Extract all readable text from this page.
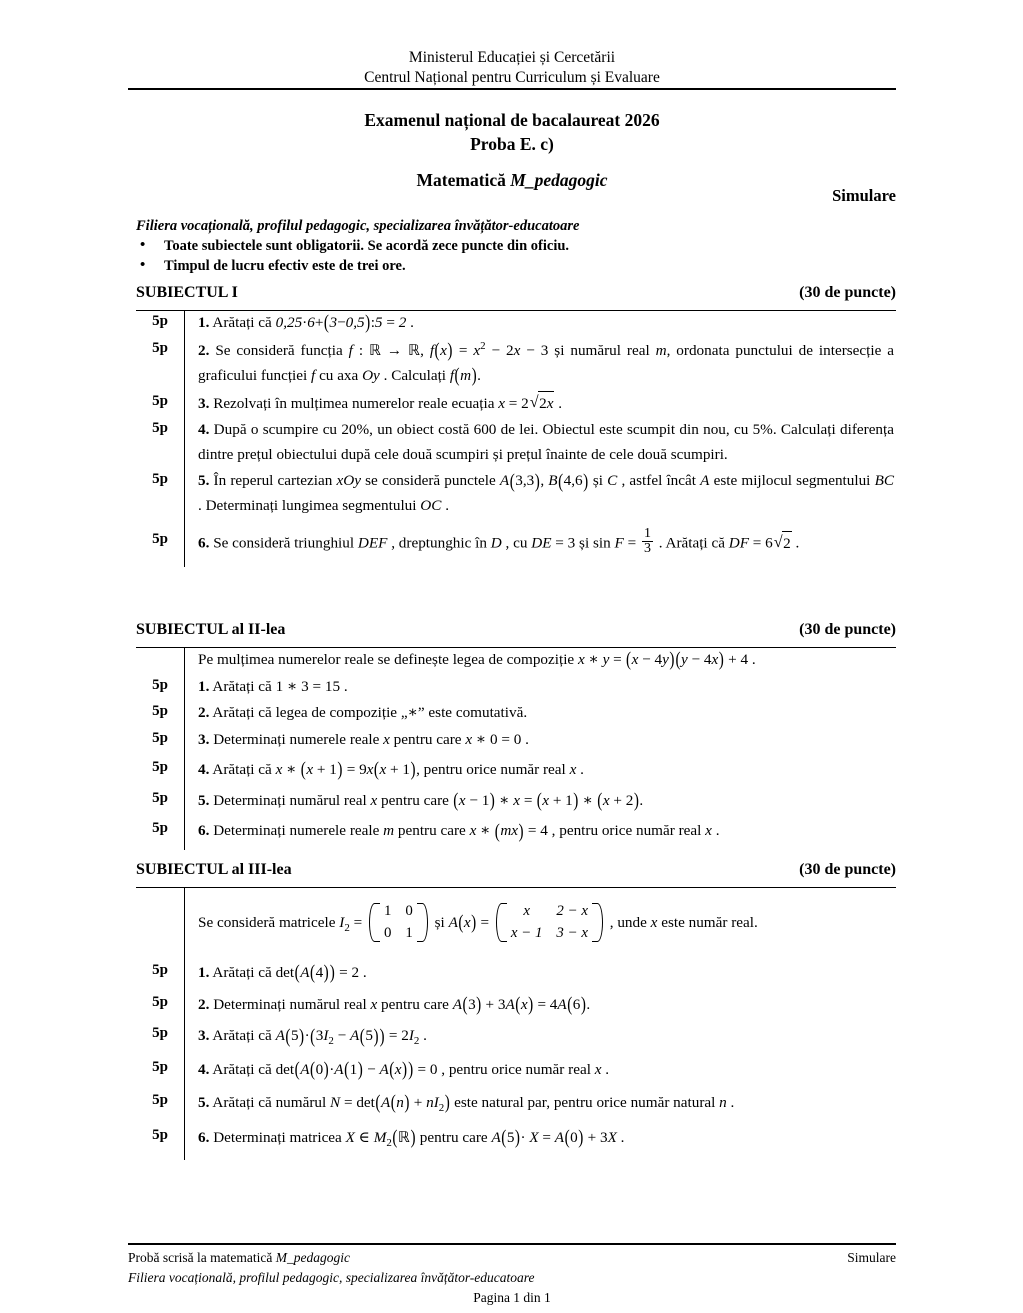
Ministerul Educației și Cercetării
Centrul Național pentru Curriculum și Evaluare
Examenul național de bacalaureat 2026
Proba E. c)
Matematică M_pedagogic
Simulare
Filiera vocațională, profilul pedagogic, specializarea învățător-educatoare
• Toate subiectele sunt obligatorii. Se acordă zece puncte din oficiu.
• Timpul de lucru efectiv este de trei ore.
SUBIECTUL I	(30 de puncte)
5p	1. Arătați că 0,25·6+(3−0,5):5 = 2 .
5p	2. Se consideră funcția f : ℝ → ℝ, $f(x) = x^2 - 2x - 3$ și numărul real m, ordonata punctului de intersecție a graficului funcției f cu axa Oy . Calculați f(m).
5p	3. Rezolvați în mulțimea numerelor reale ecuația x = 2 √ 2x .
5p	4. După o scumpire cu 20%, un obiect costă 600 de lei. Obiectul este scumpit din nou, cu 5%. Calculați diferența dintre prețul obiectului după cele două scumpiri și prețul înainte de cele două scumpiri.
5p	5. În reperul cartezian xOy se consideră punctele A(3,3), B(4,6) și C , astfel încât A este mijlocul segmentului BC . Determinați lungimea segmentului OC .
5p	6. Se consideră triunghiul DEF , dreptunghic în D , cu DE = 3 și $\sin F = \frac{1}{3}$ . Arătați că DF = 6 √ 2 .
SUBIECTUL al II-lea	(30 de puncte)
Pe mulțimea numerelor reale se definește legea de compoziție x ∗ y = (x − 4y)(y − 4x) + 4 .
5p	1. Arătați că 1 ∗ 3 = 15 .
5p	2. Arătați că legea de compoziție „∗” este comutativă.
5p	3. Determinați numerele reale x pentru care x ∗ 0 = 0 .
5p	4. Arătați că x ∗ (x + 1) = 9x(x + 1), pentru orice număr real x .
5p	5. Determinați numărul real x pentru care (x − 1) ∗ x = (x + 1) ∗ (x + 2).
5p	6. Determinați numerele reale m pentru care x ∗ (mx) = 4 , pentru orice număr real x .
SUBIECTUL al III-lea	(30 de puncte)
Se consideră matricele $I_2$ =
1	0
0	1
și A(x) =
x	2 − x
x − 1	3 − x
, unde x este număr real.
5p	1. Arătați că det(A(4)) = 2 .
5p	2. Determinați numărul real x pentru care A(3) + 3A(x) = 4A(6).
5p	3. Arătați că $A(5)\cdot(3I_2 - A(5)) = 2I_2$ .
5p	4. Arătați că det(A(0)·A(1) − A(x)) = 0 , pentru orice număr real x .
5p	5. Arătați că numărul $N = \det(A(n) + nI_2)$ este natural par, pentru orice număr natural n .
5p	6. Determinați matricea X ∈ $M_2(ℝ)$ pentru care A(5)· X = A(0) + 3X .
Probă scrisă la matematică M_pedagogic	Simulare
Filiera vocațională, profilul pedagogic, specializarea învățător-educatoare
Pagina 1 din 1
